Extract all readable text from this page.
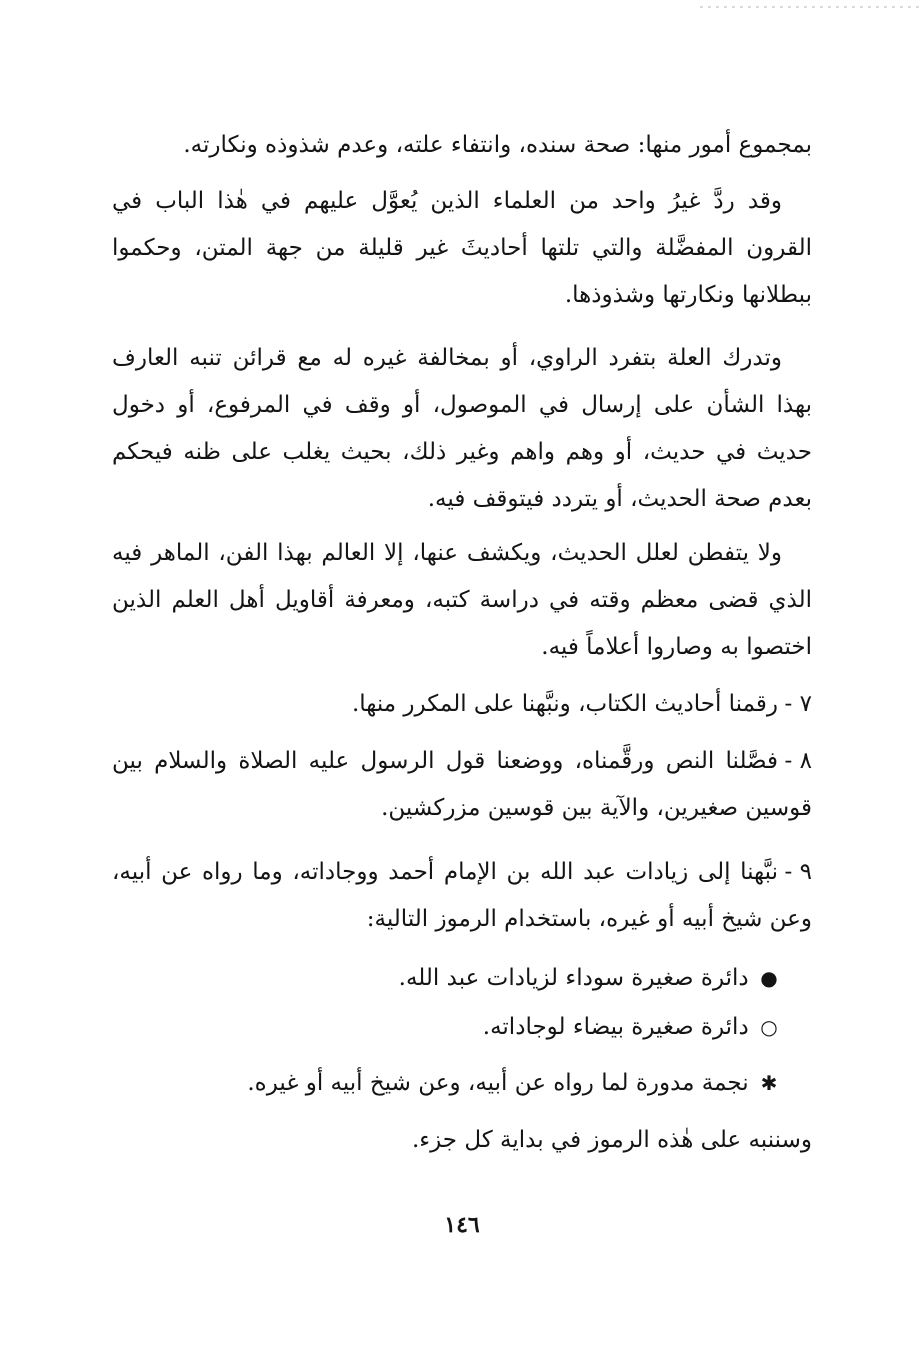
بمجموع أمور منها: صحة سنده، وانتفاء علته، وعدم شذوذه ونكارته.

وقد ردَّ غيرُ واحد من العلماء الذين يُعوَّل عليهم في هٰذا الباب في القرون المفضَّلة والتي تلتها أحاديثَ غير قليلة من جهة المتن، وحكموا ببطلانها ونكارتها وشذوذها.

وتدرك العلة بتفرد الراوي، أو بمخالفة غيره له مع قرائن تنبه العارف بهذا الشأن على إرسال في الموصول، أو وقف في المرفوع، أو دخول حديث في حديث، أو وهم واهم وغير ذلك، بحيث يغلب على ظنه فيحكم بعدم صحة الحديث، أو يتردد فيتوقف فيه.

ولا يتفطن لعلل الحديث، ويكشف عنها، إلا العالم بهذا الفن، الماهر فيه الذي قضى معظم وقته في دراسة كتبه، ومعرفة أقاويل أهل العلم الذين اختصوا به وصاروا أعلاماً فيه.

٧ -رقمنا أحاديث الكتاب، ونبَّهنا على المكرر منها.
٨ -فصَّلنا النص ورقَّمناه، ووضعنا قول الرسول عليه الصلاة والسلام بين قوسين صغيرين، والآية بين قوسين مزركشين.
٩ -نبَّهنا إلى زيادات عبد الله بن الإمام أحمد ووجاداته، وما رواه عن أبيه، وعن شيخ أبيه أو غيره، باستخدام الرموز التالية:
● دائرة صغيرة سوداء لزيادات عبد الله.
○ دائرة صغيرة بيضاء لوجاداته.
✱ نجمة مدورة لما رواه عن أبيه، وعن شيخ أبيه أو غيره.

وسننبه على هٰذه الرموز في بداية كل جزء.

١٤٦
